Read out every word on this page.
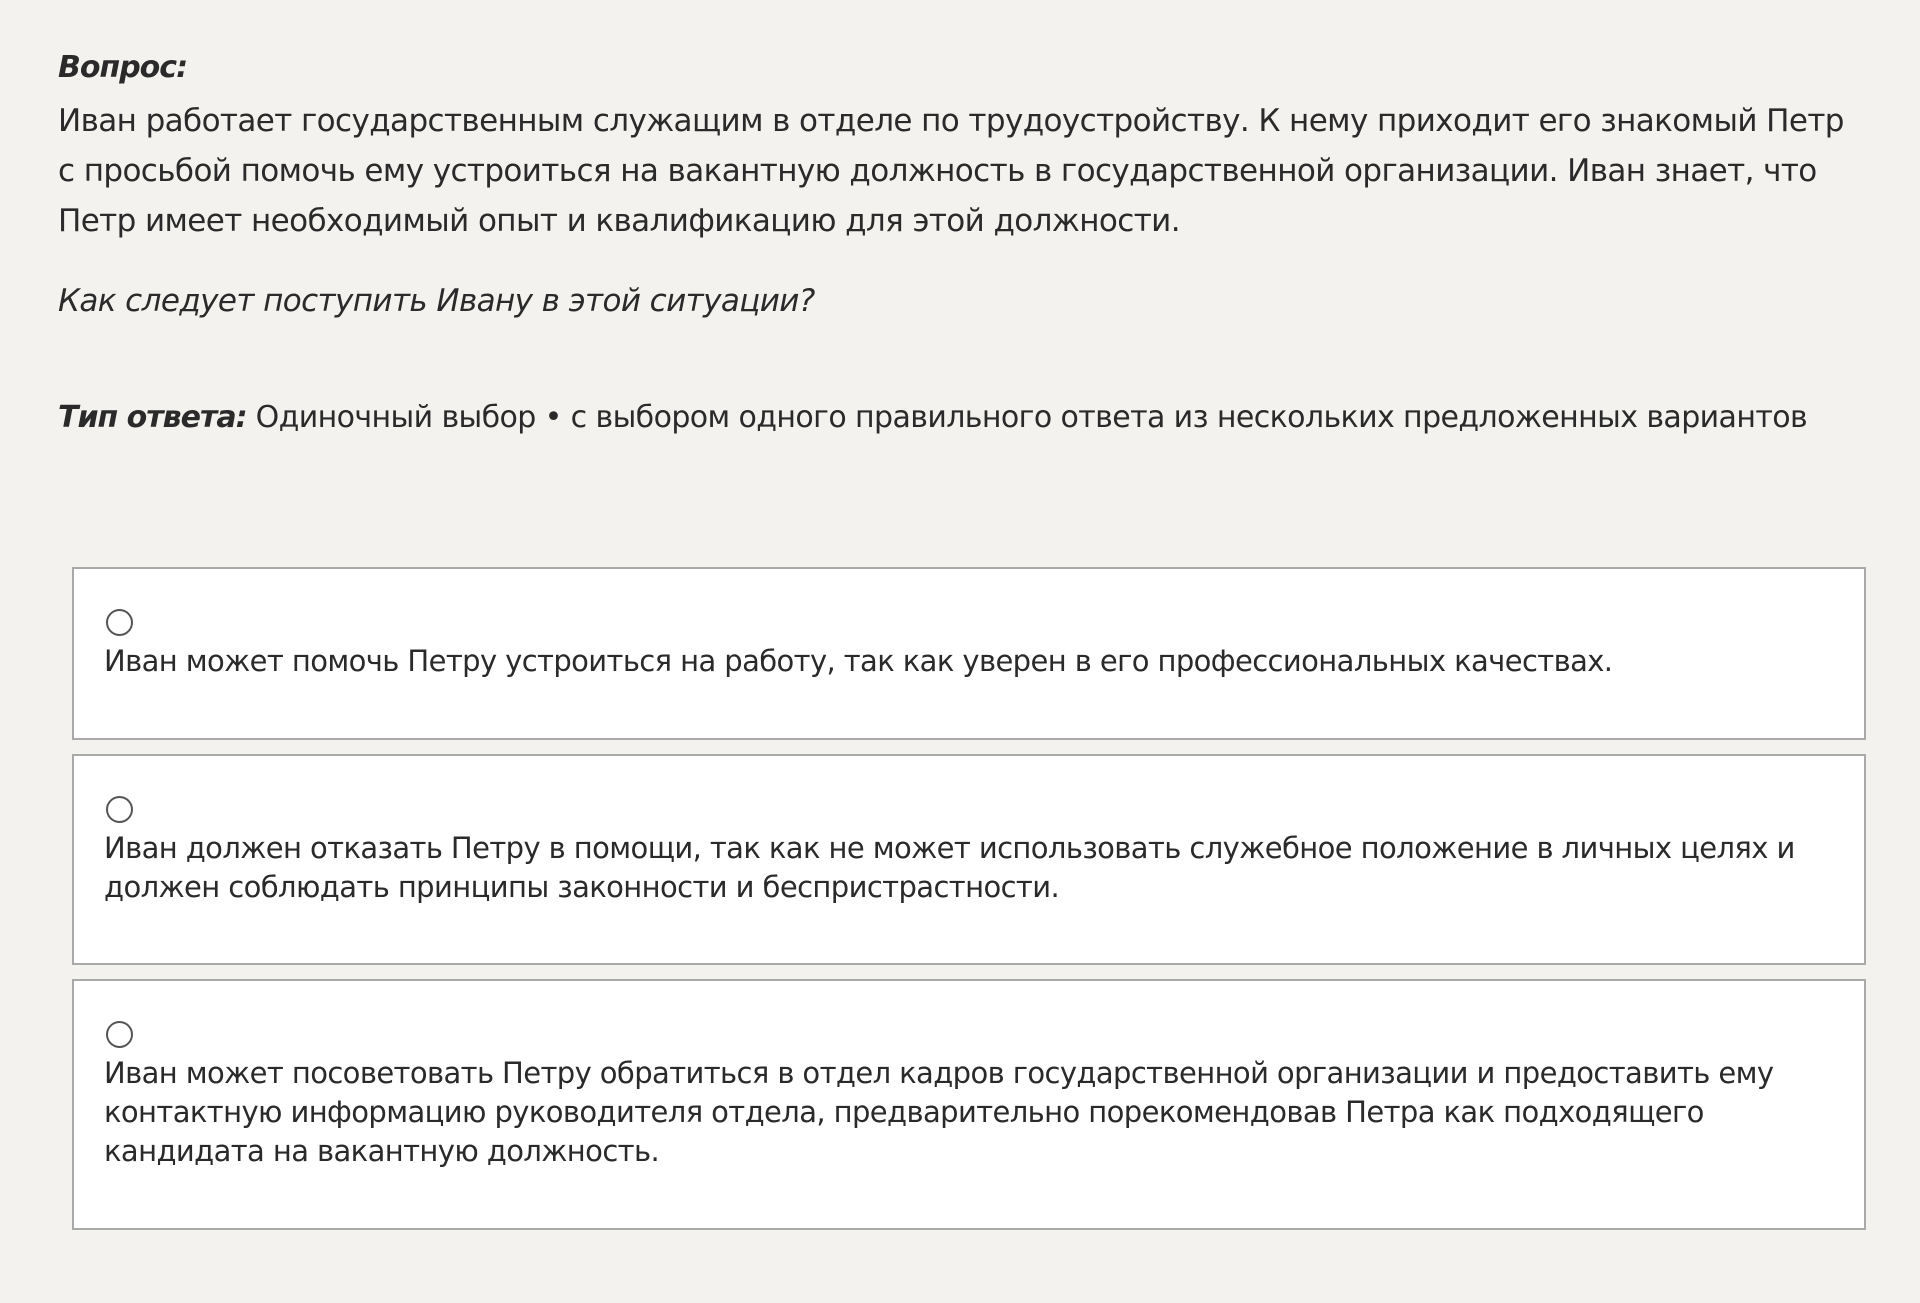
Вопрос:

Иван работает государственным служащим в отделе по трудоустройству. К нему приходит его знакомый Петр с просьбой помочь ему устроиться на вакантную должность в государственной организации. Иван знает, что Петр имеет необходимый опыт и квалификацию для этой должности.

Как следует поступить Ивану в этой ситуации?

Тип ответа: Одиночный выбор • с выбором одного правильного ответа из нескольких предложенных вариантов

Иван может помочь Петру устроиться на работу, так как уверен в его профессиональных качествах.

Иван должен отказать Петру в помощи, так как не может использовать служебное положение в личных целях и должен соблюдать принципы законности и беспристрастности.

Иван может посоветовать Петру обратиться в отдел кадров государственной организации и предоставить ему контактную информацию руководителя отдела, предварительно порекомендовав Петра как подходящего кандидата на вакантную должность.
